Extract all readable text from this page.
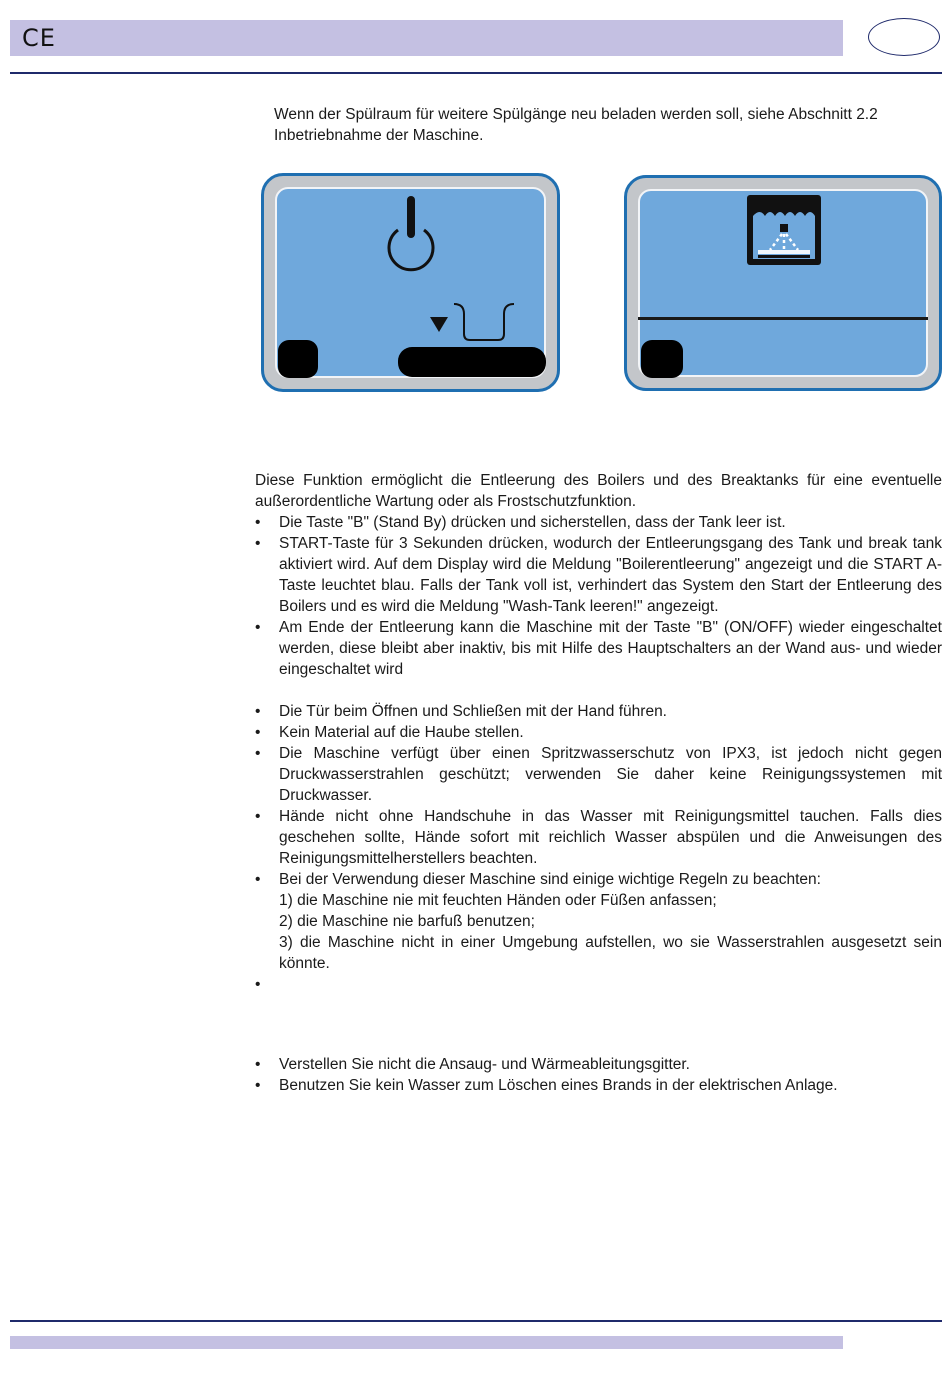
CE
Wenn der Spülraum für weitere Spülgänge neu beladen werden soll, siehe Abschnitt 2.2 Inbetriebnahme der Maschine.
Diese Funktion ermöglicht die Entleerung des Boilers und des Breaktanks für eine eventuelle außerordentliche Wartung oder als Frostschutzfunktion.
• Die Taste "B" (Stand By) drücken und sicherstellen, dass der Tank leer ist.
• START-Taste für 3 Sekunden drücken, wodurch der Entleerungsgang des Tank und break tank aktiviert wird. Auf dem Display wird die Meldung "Boilerentleerung" angezeigt und die START A-Taste leuchtet blau. Falls der Tank voll ist, verhindert das System den Start der Entleerung des Boilers und es wird die Meldung "Wash-Tank leeren!" angezeigt.
• Am Ende der Entleerung kann die Maschine mit der Taste "B" (ON/OFF) wieder eingeschaltet werden, diese bleibt aber inaktiv, bis mit Hilfe des Hauptschalters an der Wand aus- und wieder eingeschaltet wird
• Die Tür beim Öffnen und Schließen mit der Hand führen.
• Kein Material auf die Haube stellen.
• Die Maschine verfügt über einen Spritzwasserschutz von IPX3, ist jedoch nicht gegen Druckwasserstrahlen geschützt; verwenden Sie daher keine Reinigungssystemen mit Druckwasser.
• Hände nicht ohne Handschuhe in das Wasser mit Reinigungsmittel tauchen. Falls dies geschehen sollte, Hände sofort mit reichlich Wasser abspülen und die Anweisungen des Reinigungsmittelherstellers beachten.
• Bei der Verwendung dieser Maschine sind einige wichtige Regeln zu beachten:
1) die Maschine nie mit feuchten Händen oder Füßen anfassen;
2) die Maschine nie barfuß benutzen;
3) die Maschine nicht in einer Umgebung aufstellen, wo sie Wasserstrahlen ausgesetzt sein könnte.
•
• Verstellen Sie nicht die Ansaug- und Wärmeableitungsgitter.
• Benutzen Sie kein Wasser zum Löschen eines Brands in der elektrischen Anlage.
